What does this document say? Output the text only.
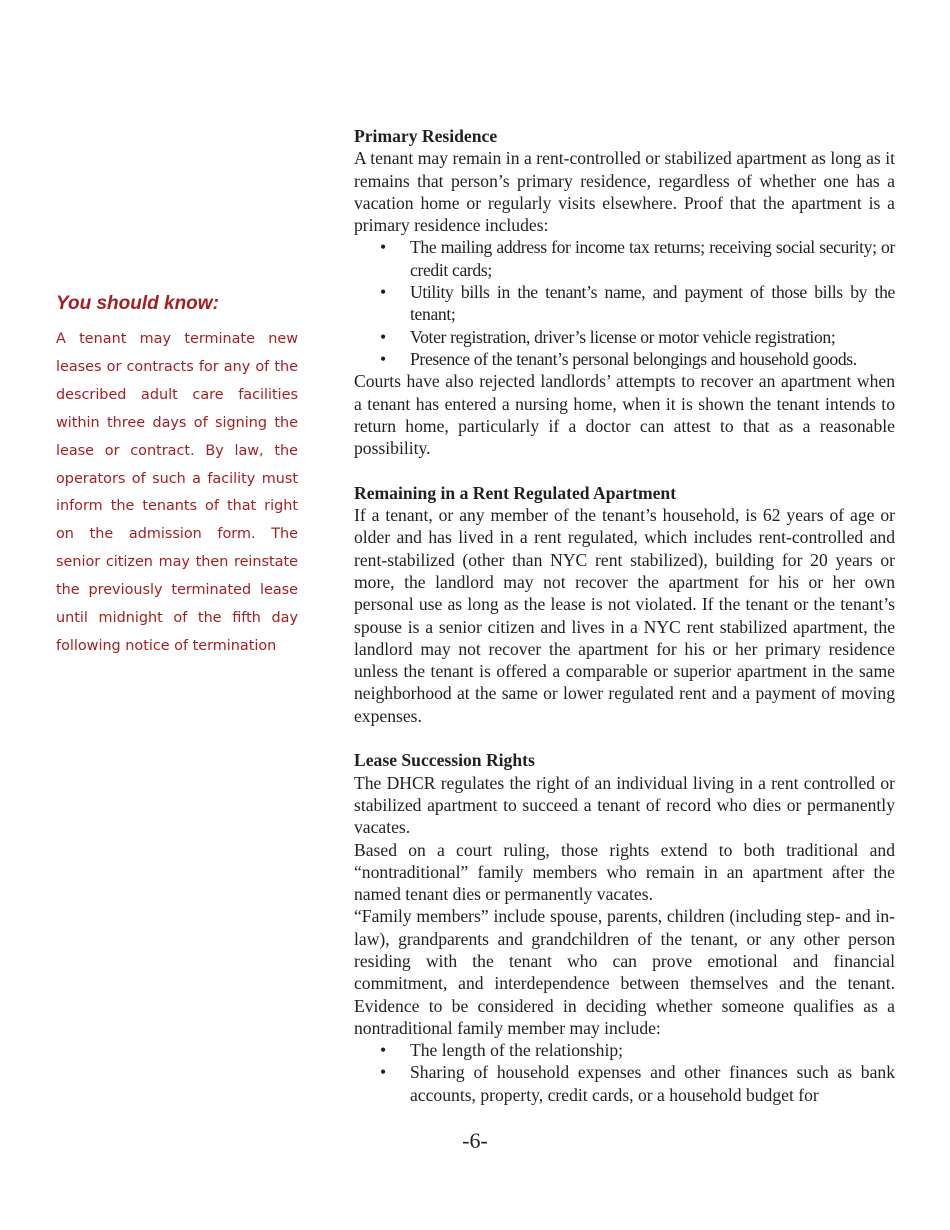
You should know:

A tenant may terminate new leases or contracts for any of the described adult care facilities within three days of signing the lease or contract. By law, the operators of such a facility must inform the tenants of that right on the admission form. The senior citizen may then reinstate the previously terminated lease until midnight of the fifth day following notice of termination

Primary Residence

A tenant may remain in a rent-controlled or stabilized apartment as long as it remains that person’s primary residence, regardless of whether one has a vacation home or regularly visits elsewhere. Proof that the apartment is a primary residence includes:

• The mailing address for income tax returns; receiving social security; or credit cards;
• Utility bills in the tenant’s name, and payment of those bills by the tenant;
• Voter registration, driver’s license or motor vehicle registration;
• Presence of the tenant’s personal belongings and household goods.

Courts have also rejected landlords’ attempts to recover an apartment when a tenant has entered a nursing home, when it is shown the tenant intends to return home, particularly if a doctor can attest to that as a reasonable possibility.

Remaining in a Rent Regulated Apartment

If a tenant, or any member of the tenant’s household, is 62 years of age or older and has lived in a rent regulated, which includes rent-controlled and rent-stabilized (other than NYC rent stabilized), building for 20 years or more, the landlord may not recover the apartment for his or her own personal use as long as the lease is not violated. If the tenant or the tenant’s spouse is a senior citizen and lives in a NYC rent stabilized apartment, the landlord may not recover the apartment for his or her primary residence unless the tenant is offered a comparable or superior apartment in the same neighborhood at the same or lower regulated rent and a payment of moving expenses.

Lease Succession Rights

The DHCR regulates the right of an individual living in a rent controlled or stabilized apartment to succeed a tenant of record who dies or permanently vacates.

Based on a court ruling, those rights extend to both traditional and “nontraditional” family members who remain in an apartment after the named tenant dies or permanently vacates.

“Family members” include spouse, parents, children (including step- and in-law), grandparents and grandchildren of the tenant, or any other person residing with the tenant who can prove emotional and financial commitment, and interdependence between themselves and the tenant. Evidence to be considered in deciding whether someone qualifies as a nontraditional family member may include:

• The length of the relationship;
• Sharing of household expenses and other finances such as bank accounts, property, credit cards, or a household budget for
-6-
